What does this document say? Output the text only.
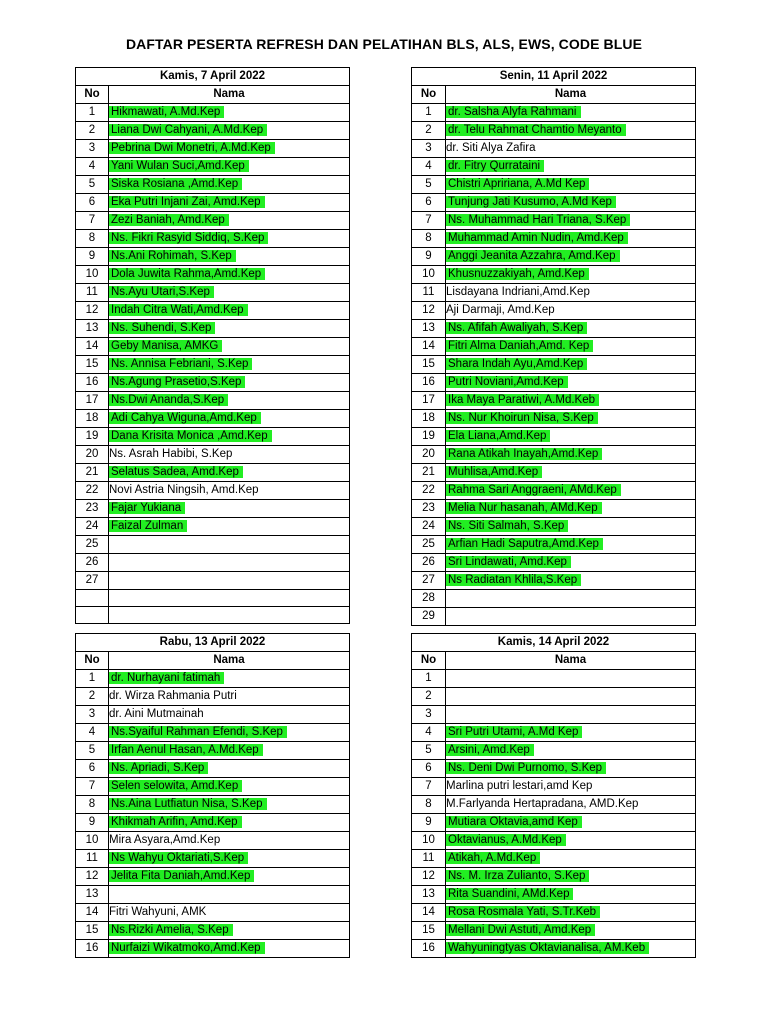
DAFTAR PESERTA REFRESH DAN PELATIHAN BLS, ALS, EWS, CODE BLUE
Kamis, 7 April 2022	
No	Nama
1	Hikmawati, A.Md.Kep
2	Liana Dwi Cahyani, A.Md.Kep
3	Pebrina Dwi Monetri, A.Md.Kep
4	Yani Wulan Suci,Amd.Kep
5	Siska Rosiana ,Amd.Kep
6	Eka Putri Injani Zai, Amd.Kep
7	Zezi Baniah, Amd.Kep
8	Ns. Fikri Rasyid Siddiq, S.Kep
9	Ns.Ani Rohimah, S.Kep
10	Dola Juwita Rahma,Amd.Kep
11	Ns.Ayu Utari,S.Kep
12	Indah Citra Wati,Amd.Kep
13	Ns. Suhendi, S.Kep
14	Geby Manisa, AMKG
15	Ns. Annisa Febriani, S.Kep
16	Ns.Agung Prasetio,S.Kep
17	Ns.Dwi Ananda,S.Kep
18	Adi Cahya Wiguna,Amd.Kep
19	Dana Krisita Monica ,Amd.Kep
20	Ns. Asrah Habibi, S.Kep
21	Selatus Sadea, Amd.Kep
22	Novi Astria Ningsih, Amd.Kep
23	Fajar Yukiana
24	Faizal Zulman
25	
26	
27	

Senin, 11 April 2022	
No	Nama
1	dr. Salsha Alyfa Rahmani
2	dr. Telu Rahmat Chamtio Meyanto
3	dr. Siti Alya Zafira
4	dr. Fitry Qurrataini
5	Chistri Apririana, A.Md Kep
6	Tunjung Jati Kusumo, A.Md Kep
7	Ns. Muhammad Hari Triana, S.Kep
8	Muhammad Amin Nudin, Amd.Kep
9	Anggi Jeanita Azzahra, Amd.Kep
10	Khusnuzzakiyah, Amd.Kep
11	Lisdayana Indriani,Amd.Kep
12	Aji Darmaji, Amd.Kep
13	Ns. Afifah Awaliyah, S.Kep
14	Fitri Alma Daniah,Amd. Kep
15	Shara Indah Ayu,Amd.Kep
16	Putri Noviani,Amd.Kep
17	Ika Maya Paratiwi, A.Md.Keb
18	Ns. Nur Khoirun Nisa, S.Kep
19	Ela Liana,Amd.Kep
20	Rana Atikah Inayah,Amd.Kep
21	Muhlisa,Amd.Kep
22	Rahma Sari Anggraeni, AMd.Kep
23	Melia Nur hasanah, AMd.Kep
24	Ns. Siti Salmah, S.Kep
25	Arfian Hadi Saputra,Amd.Kep
26	Sri Lindawati, Amd.Kep
27	Ns Radiatan Khlila,S.Kep
28	
29	
Rabu, 13 April 2022	
No	Nama
1	dr. Nurhayani fatimah
2	dr. Wirza Rahmania Putri
3	dr. Aini Mutmainah
4	Ns.Syaiful Rahman Efendi, S.Kep
5	Irfan Aenul Hasan, A.Md.Kep
6	Ns. Apriadi, S.Kep
7	Selen selowita, Amd.Kep
8	Ns.Aina Lutfiatun Nisa, S.Kep
9	Khikmah Arifin, Amd.Kep
10	Mira Asyara,Amd.Kep
11	Ns Wahyu Oktariati,S.Kep
12	Jelita Fita Daniah,Amd.Kep
13	
14	Fitri Wahyuni, AMK
15	Ns.Rizki Amelia, S.Kep
16	Nurfaizi Wikatmoko,Amd.Kep
Kamis, 14 April 2022	
No	Nama
1	
2	
3	
4	Sri Putri Utami, A.Md Kep
5	Arsini, Amd.Kep
6	Ns. Deni Dwi Purnomo, S.Kep
7	Marlina putri lestari,amd Kep
8	M.Farlyanda Hertapradana, AMD.Kep
9	Mutiara Oktavia,amd Kep
10	Oktavianus, A.Md.Kep
11	Atikah, A.Md.Kep
12	Ns. M. Irza Zulianto, S.Kep
13	Rita Suandini, AMd.Kep
14	Rosa Rosmala Yati, S.Tr.Keb
15	Mellani Dwi Astuti, Amd.Kep
16	Wahyuningtyas Oktavianalisa, AM.Keb
